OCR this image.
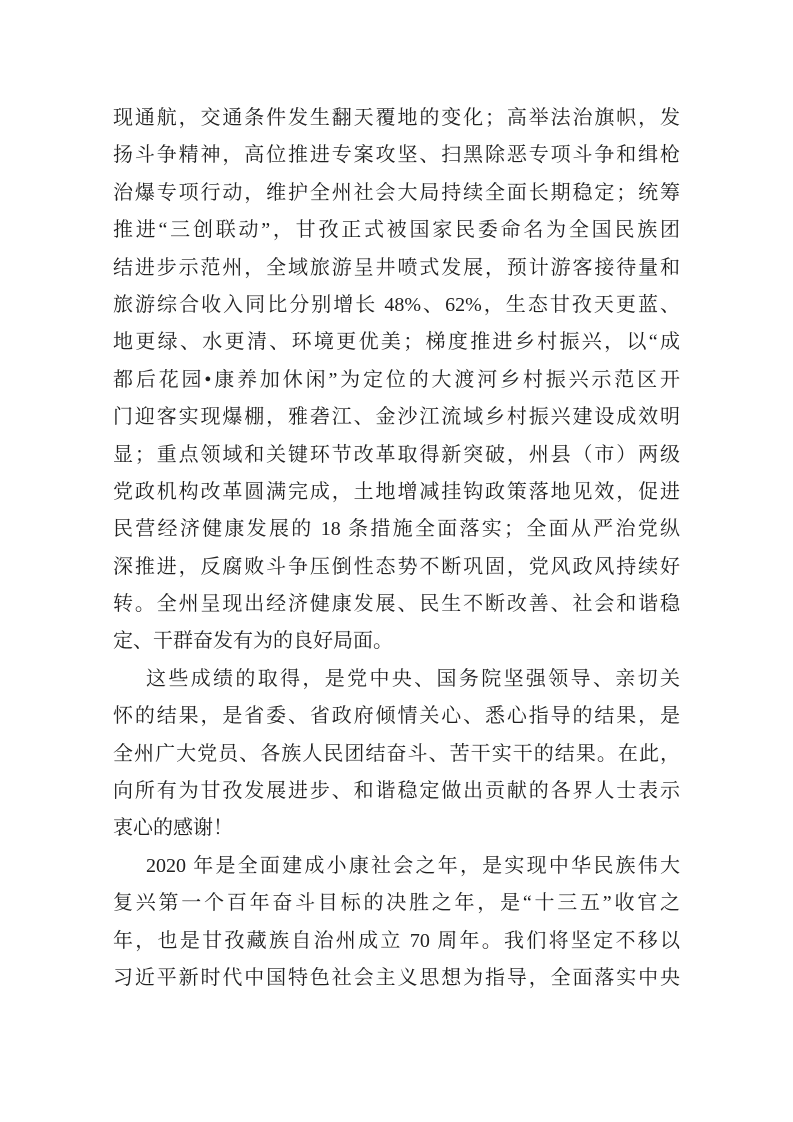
现通航，交通条件发生翻天覆地的变化；高举法治旗帜，发
扬斗争精神，高位推进专案攻坚、扫黑除恶专项斗争和缉枪
治爆专项行动，维护全州社会大局持续全面长期稳定；统筹
推进“三创联动”，甘孜正式被国家民委命名为全国民族团
结进步示范州，全域旅游呈井喷式发展，预计游客接待量和
旅游综合收入同比分别增长 48%、62%，生态甘孜天更蓝、
地更绿、水更清、环境更优美；梯度推进乡村振兴，以“成
都后花园•康养加休闲”为定位的大渡河乡村振兴示范区开
门迎客实现爆棚，雅砻江、金沙江流域乡村振兴建设成效明
显；重点领域和关键环节改革取得新突破，州县（市）两级
党政机构改革圆满完成，土地增减挂钩政策落地见效，促进
民营经济健康发展的 18 条措施全面落实；全面从严治党纵
深推进，反腐败斗争压倒性态势不断巩固，党风政风持续好
转。全州呈现出经济健康发展、民生不断改善、社会和谐稳
定、干群奋发有为的良好局面。
这些成绩的取得，是党中央、国务院坚强领导、亲切关
怀的结果，是省委、省政府倾情关心、悉心指导的结果，是
全州广大党员、各族人民团结奋斗、苦干实干的结果。在此，
向所有为甘孜发展进步、和谐稳定做出贡献的各界人士表示
衷心的感谢！
2020 年是全面建成小康社会之年，是实现中华民族伟大
复兴第一个百年奋斗目标的决胜之年，是“十三五”收官之
年，也是甘孜藏族自治州成立 70 周年。我们将坚定不移以
习近平新时代中国特色社会主义思想为指导，全面落实中央
